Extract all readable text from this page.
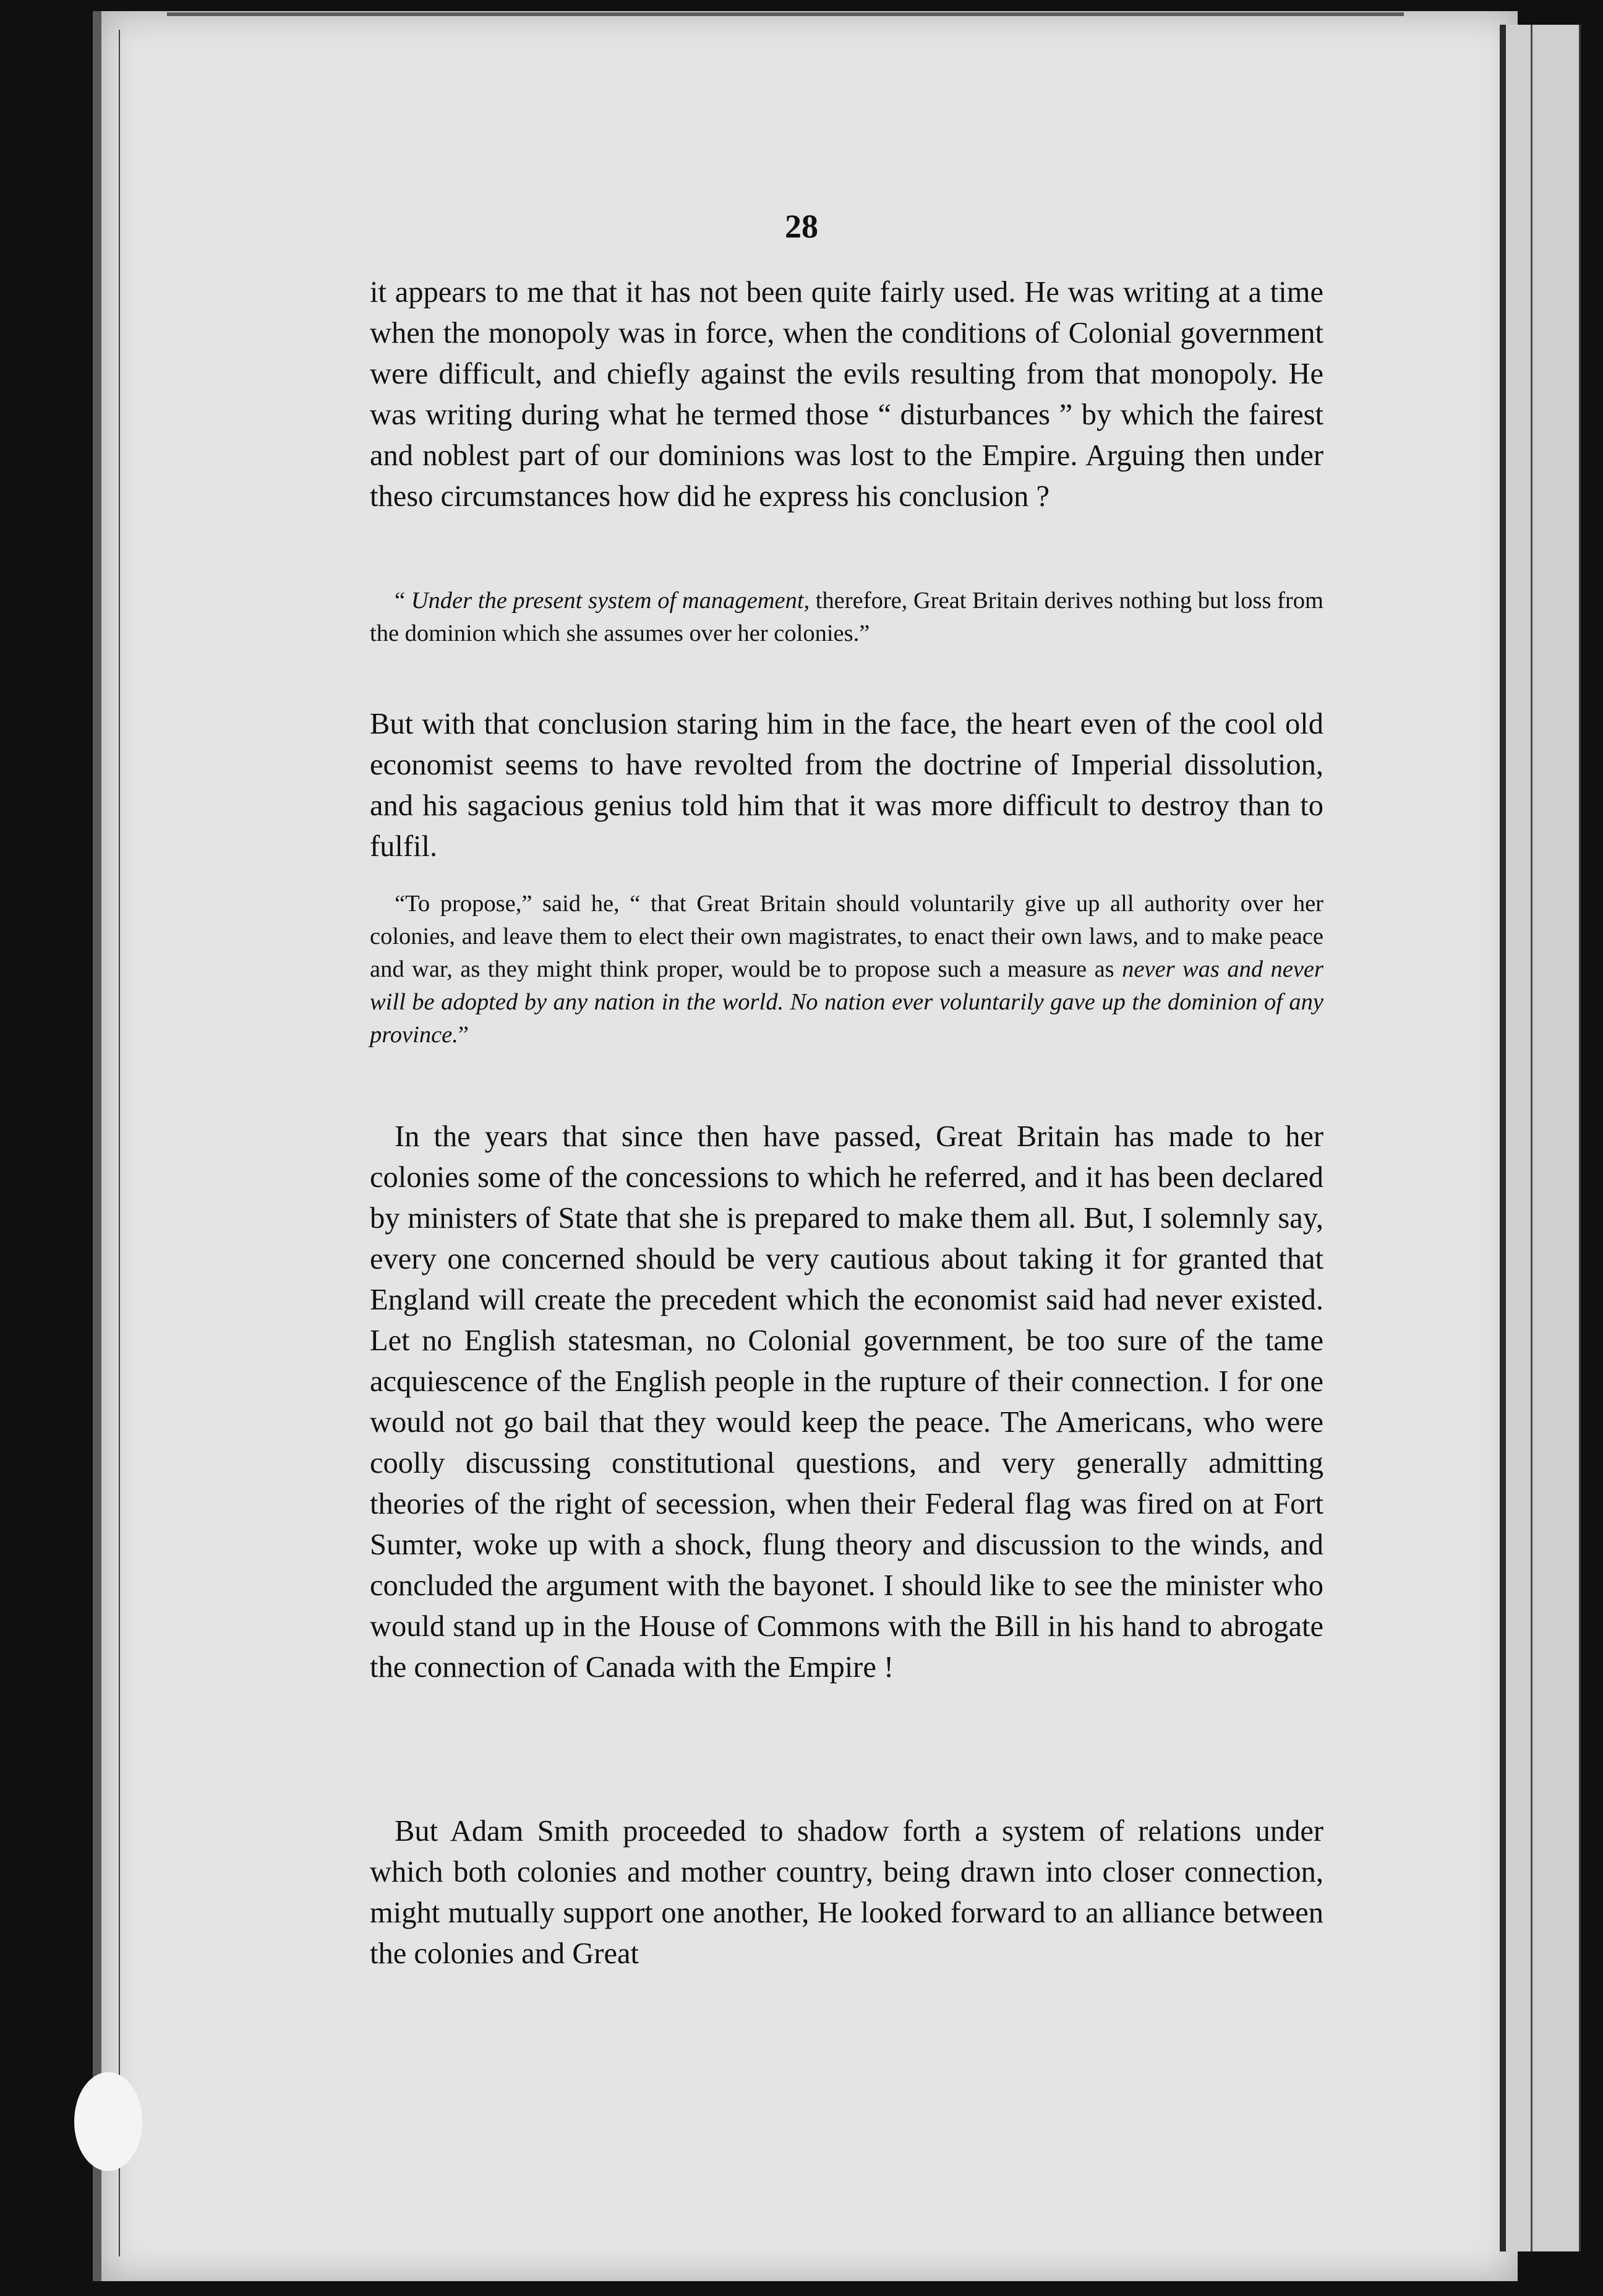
28

it appears to me that it has not been quite fairly used. He was writing at a time when the monopoly was in force, when the conditions of Colonial government were difficult, and chiefly against the evils resulting from that monopoly. He was writing during what he termed those “ disturbances ” by which the fairest and noblest part of our dominions was lost to the Empire. Arguing then under theso circumstances how did he express his conclusion ?

“ Under the present system of management, therefore, Great Britain derives nothing but loss from the dominion which she assumes over her colonies.”

But with that conclusion staring him in the face, the heart even of the cool old economist seems to have revolted from the doctrine of Imperial dissolution, and his sagacious genius told him that it was more difficult to destroy than to fulfil.

“To propose,” said he, “ that Great Britain should voluntarily give up all authority over her colonies, and leave them to elect their own magistrates, to enact their own laws, and to make peace and war, as they might think proper, would be to propose such a measure as never was and never will be adopted by any nation in the world. No nation ever voluntarily gave up the dominion of any province.”

In the years that since then have passed, Great Britain has made to her colonies some of the concessions to which he referred, and it has been declared by ministers of State that she is prepared to make them all. But, I solemnly say, every one concerned should be very cautious about taking it for granted that England will create the precedent which the economist said had never existed. Let no English statesman, no Colonial government, be too sure of the tame acquiescence of the English people in the rupture of their connection. I for one would not go bail that they would keep the peace. The Americans, who were coolly discussing constitutional questions, and very generally admitting theories of the right of secession, when their Federal flag was fired on at Fort Sumter, woke up with a shock, flung theory and discussion to the winds, and concluded the argument with the bayonet. I should like to see the minister who would stand up in the House of Commons with the Bill in his hand to abrogate the connection of Canada with the Empire !

But Adam Smith proceeded to shadow forth a system of relations under which both colonies and mother country, being drawn into closer connection, might mutually support one another, He looked forward to an alliance between the colonies and Great
